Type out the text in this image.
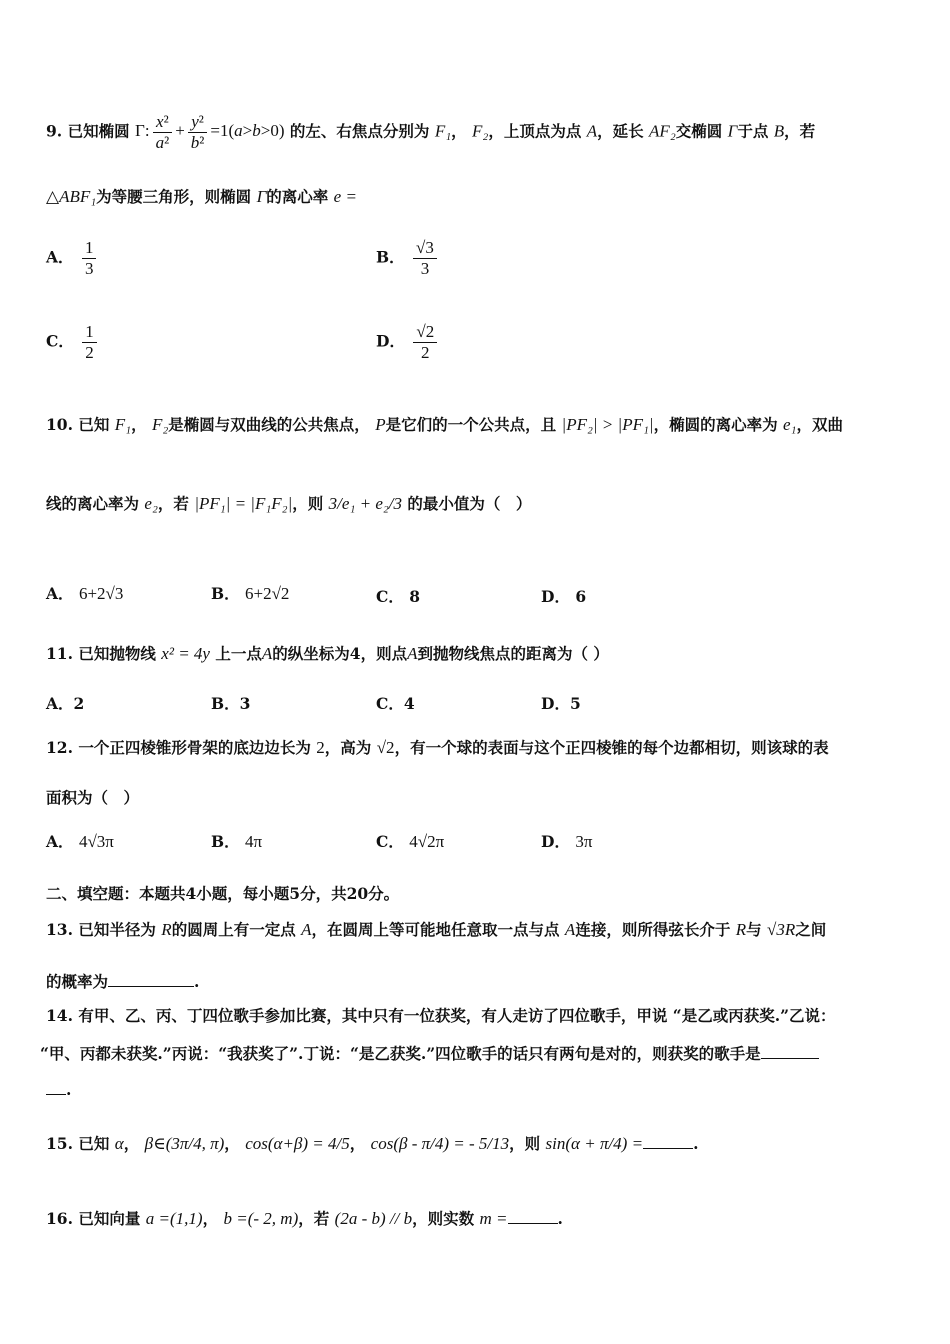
9. 已知椭圆 Γ: $\frac{\text{x²}}{\text{a²}} + \frac{\text{y²}}{\text{b²}} =1(a>b>0)$ 的左、右焦点分别为 F₁， F₂，上顶点为点 A，延长 AF₂交椭圆 Γ于点 B，若
△ABF₁为等腰三角形，则椭圆 Γ的离心率 e =
A． $\frac{1}{3}$	B． $\frac{√3}{3}$
C． $\frac{1}{2}$	D． $\frac{√2}{2}$
10. 已知 F₁， F₂是椭圆与双曲线的公共焦点， P是它们的一个公共点，且 |PF₂| > |PF₁|，椭圆的离心率为 e₁，双曲
线的离心率为 e₂，若 |PF₁| = |F₁F₂|，则 3/e₁ + e₂/3 的最小值为（　）
A． 6+2√3	B． 6+2√2	C． 8	D． 6
11. 已知抛物线 x² = 4y 上一点A的纵坐标为4，则点A到抛物线焦点的距离为（ ）
A．2	B．3	C．4	D．5
12. 一个正四棱锥形骨架的底边边长为 2，高为 √2，有一个球的表面与这个正四棱锥的每个边都相切，则该球的表
面积为（　）
A． 4√3π	B． 4π	C． 4√2π	D． 3π
二、填空题：本题共4小题，每小题5分，共20分。
13. 已知半径为 R的圆周上有一定点 A，在圆周上等可能地任意取一点与点 A连接，则所得弦长介于 R与 √3R之间
的概率为	.
14. 有甲、乙、丙、丁四位歌手参加比赛，其中只有一位获奖，有人走访了四位歌手，甲说 “是乙或丙获奖.”乙说：
“甲、丙都未获奖.”丙说：“我获奖了”.丁说：“是乙获奖.”四位歌手的话只有两句是对的，则获奖的歌手是
.
15. 已知 α， β∈(3π/4, π)， cos(α+β) = 4/5， cos(β - π/4) = - 5/13，则 sin(α + π/4) =	.
16. 已知向量 a =(1,1)， b =(- 2, m)，若 (2a - b) // b，则实数 m =	.
